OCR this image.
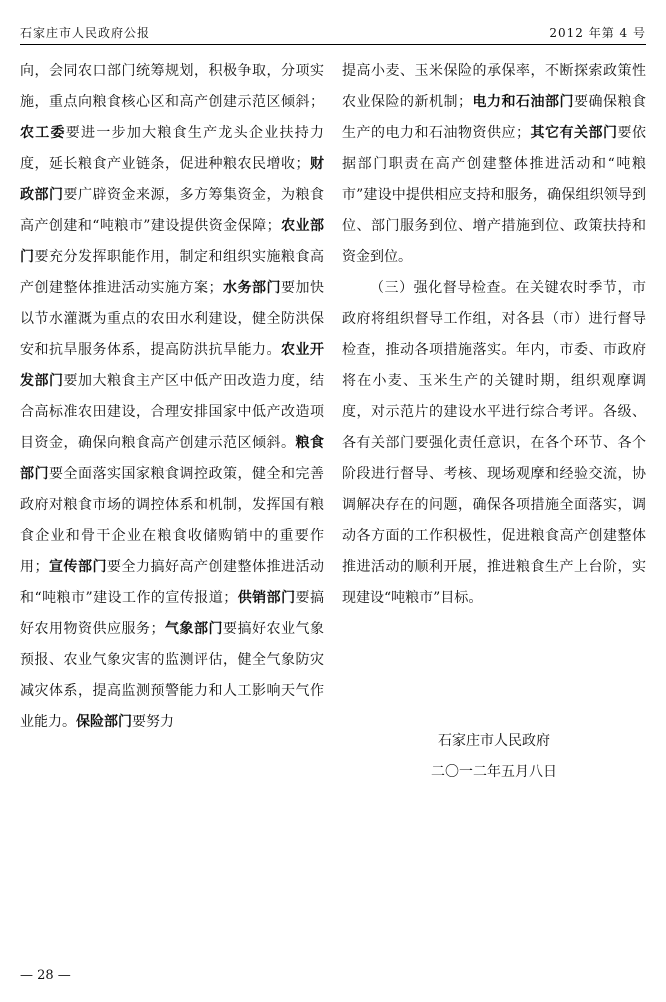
石家庄市人民政府公报	2012 年第 4 号

向，会同农口部门统筹规划，积极争取，分项实施，重点向粮食核心区和高产创建示范区倾斜；农工委要进一步加大粮食生产龙头企业扶持力度，延长粮食产业链条，促进种粮农民增收；财政部门要广辟资金来源，多方筹集资金，为粮食高产创建和“吨粮市”建设提供资金保障；农业部门要充分发挥职能作用，制定和组织实施粮食高产创建整体推进活动实施方案；水务部门要加快以节水灌溉为重点的农田水利建设，健全防洪保安和抗旱服务体系，提高防洪抗旱能力。农业开发部门要加大粮食主产区中低产田改造力度，结合高标准农田建设，合理安排国家中低产改造项目资金，确保向粮食高产创建示范区倾斜。粮食部门要全面落实国家粮食调控政策，健全和完善政府对粮食市场的调控体系和机制，发挥国有粮食企业和骨干企业在粮食收储购销中的重要作用；宣传部门要全力搞好高产创建整体推进活动和“吨粮市”建设工作的宣传报道；供销部门要搞好农用物资供应服务；气象部门要搞好农业气象预报、农业气象灾害的监测评估，健全气象防灾减灾体系，提高监测预警能力和人工影响天气作业能力。保险部门要努力

提高小麦、玉米保险的承保率，不断探索政策性农业保险的新机制；电力和石油部门要确保粮食生产的电力和石油物资供应；其它有关部门要依据部门职责在高产创建整体推进活动和“吨粮市”建设中提供相应支持和服务，确保组织领导到位、部门服务到位、增产措施到位、政策扶持和资金到位。

（三）强化督导检查。在关键农时季节，市政府将组织督导工作组，对各县（市）进行督导检查，推动各项措施落实。年内，市委、市政府将在小麦、玉米生产的关键时期，组织观摩调度，对示范片的建设水平进行综合考评。各级、各有关部门要强化责任意识，在各个环节、各个阶段进行督导、考核、现场观摩和经验交流，协调解决存在的问题，确保各项措施全面落实，调动各方面的工作积极性，促进粮食高产创建整体推进活动的顺利开展，推进粮食生产上台阶，实现建设“吨粮市”目标。

石家庄市人民政府
二〇一二年五月八日
— 28 —
